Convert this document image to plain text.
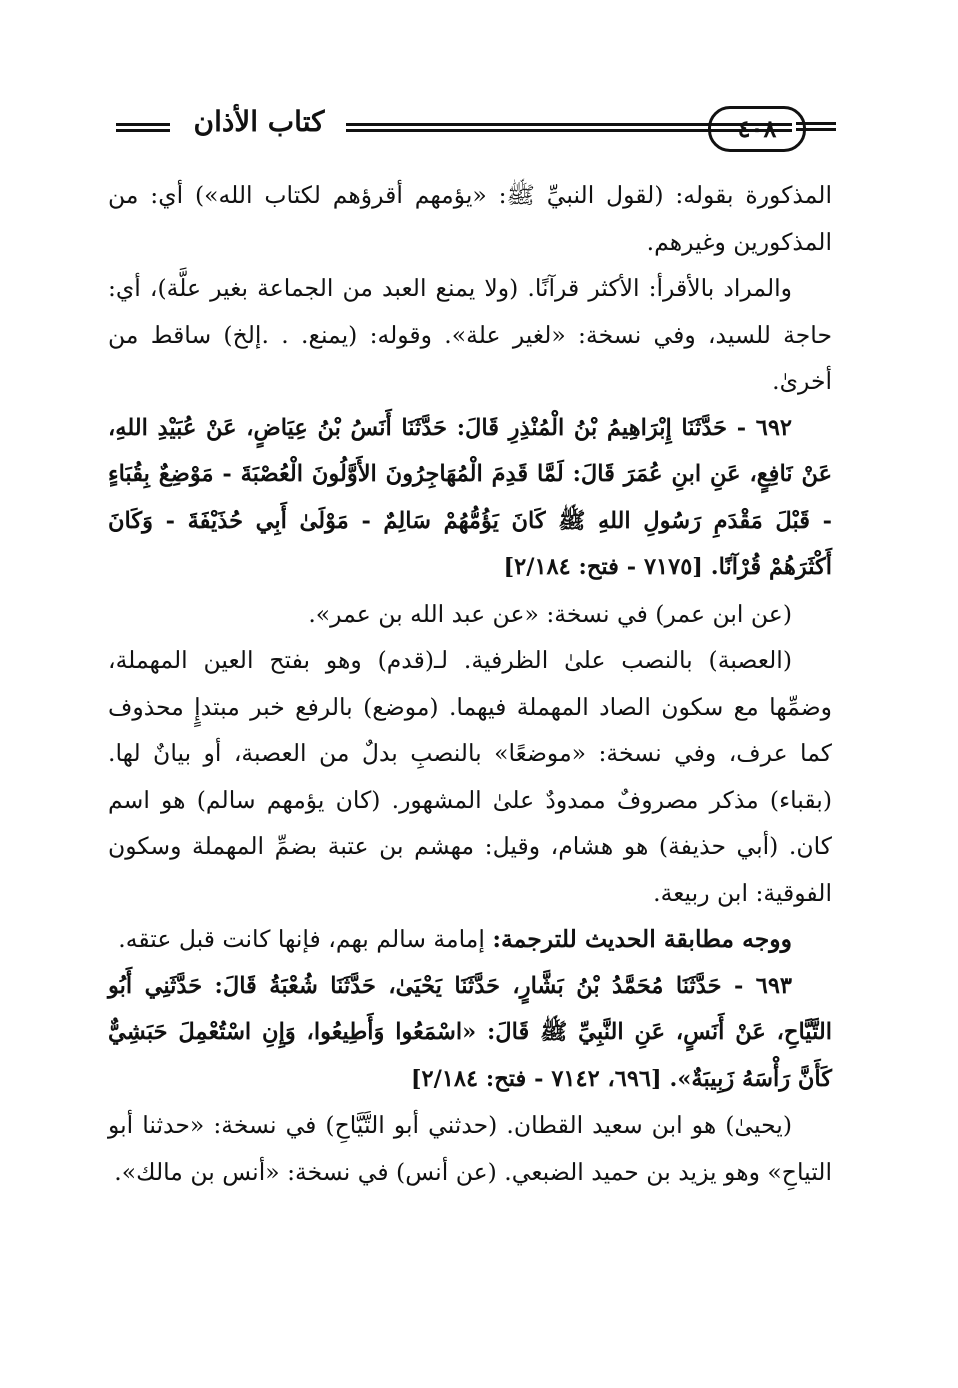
كتاب الأذان	٤٠٨

المذكورة بقوله: (لقول النبيِّ ﷺ: «يؤمهم أقرؤهم لكتاب الله») أي: من المذكورين وغيرهم.

والمراد بالأقرأ: الأكثر قرآنًا. (ولا يمنع العبد من الجماعة بغير علَّة)، أي: حاجة للسيد، وفي نسخة: «لغير علة». وقوله: (يمنع. . .إلخ) ساقط من أخرىٰ.

٦٩٢ - حَدَّثَنَا إِبْرَاهِيمُ بْنُ الْمُنْذِرِ قَالَ: حَدَّثَنَا أَنَسُ بْنُ عِيَاضٍ، عَنْ عُبَيْدِ اللهِ، عَنْ نَافِعٍ، عَنِ ابنِ عُمَرَ قَالَ: لَمَّا قَدِمَ الْمُهَاجِرُونَ الأَوَّلُونَ الْعُصْبَةَ - مَوْضِعٌ بِقُبَاءٍ - قَبْلَ مَقْدَمِ رَسُولِ اللهِ ﷺ كَانَ يَؤُمُّهُمْ سَالِمٌ - مَوْلَىٰ أَبِي حُذَيْفَةَ - وَكَانَ أَكْثَرَهُمْ قُرْآنًا. [٧١٧٥ - فتح: ٢/١٨٤]

(عن ابن عمر) في نسخة: «عن عبد الله بن عمر».

(العصبة) بالنصب علىٰ الظرفية. لـ(قدم) وهو بفتح العين المهملة، وضمِّها مع سكون الصاد المهملة فيهما. (موضع) بالرفع خبر مبتدإٍ محذوف كما عرف، وفي نسخة: «موضعًا» بالنصبِ بدلٌ من العصبة، أو بيانٌ لها. (بقباء) مذكر مصروفٌ ممدودٌ علىٰ المشهور. (كان يؤمهم سالم) هو اسم كان. (أبي حذيفة) هو هشام، وقيل: مهشم بن عتبة بضمِّ المهملة وسكون الفوقية: ابن ربيعة.

ووجه مطابقة الحديث للترجمة: إمامة سالم بهم، فإنها كانت قبل عتقه.

٦٩٣ - حَدَّثَنَا مُحَمَّدُ بْنُ بَشَّارٍ، حَدَّثَنَا يَحْيَىٰ، حَدَّثَنَا شُعْبَةُ قَالَ: حَدَّثَنِي أَبُو التَّيَّاحِ، عَنْ أَنَسٍ، عَنِ النَّبِيِّ ﷺ قَالَ: «اسْمَعُوا وَأَطِيعُوا، وَإِنِ اسْتُعْمِلَ حَبَشِيٌّ كَأَنَّ رَأْسَهُ زَبِيبَةٌ». [٦٩٦، ٧١٤٢ - فتح: ٢/١٨٤]

(يحيىٰ) هو ابن سعيد القطان. (حدثني أبو التَّيَّاحِ) في نسخة: «حدثنا أبو التياحِ» وهو يزيد بن حميد الضبعي. (عن أنس) في نسخة: «أنس بن مالك».
